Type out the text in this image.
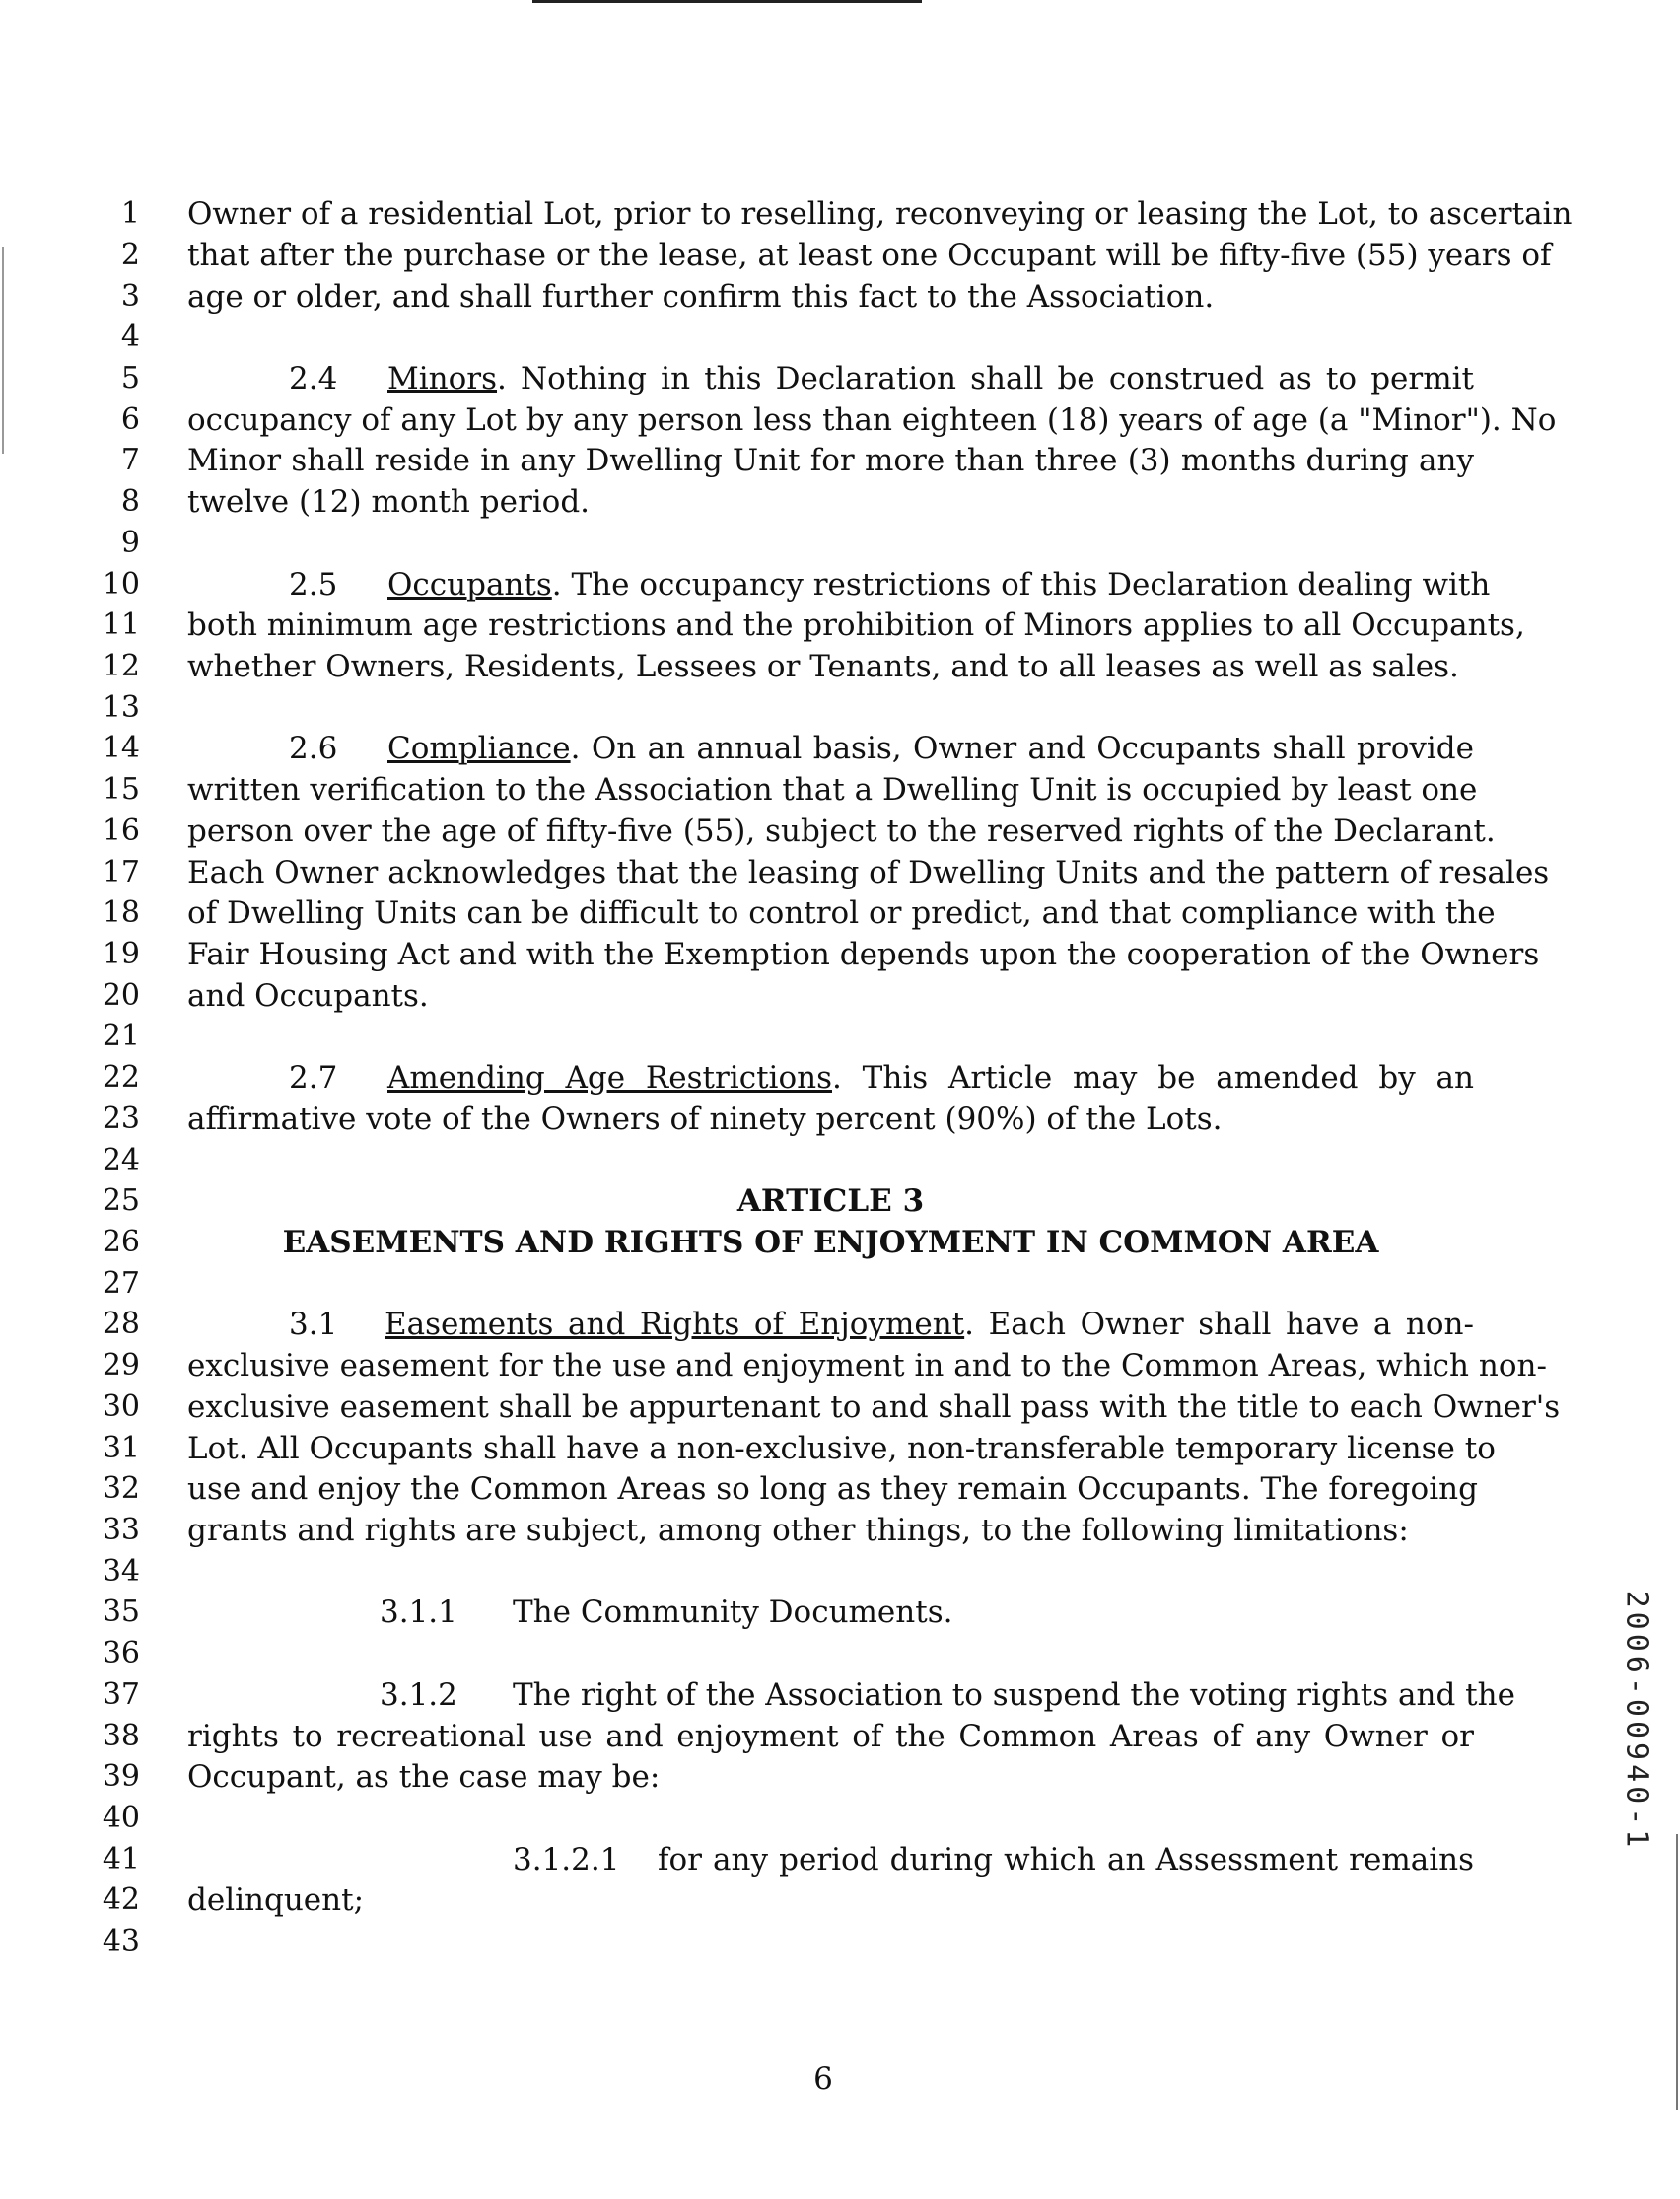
1
2
3
4
5
6
7
8
9
10
11
12
13
14
15
16
17
18
19
20
21
22
23
24
25
26
27
28
29
30
31
32
33
34
35
36
37
38
39
40
41
42
43
Owner of a residential Lot, prior to reselling, reconveying or leasing the Lot, to ascertain
that after the purchase or the lease, at least one Occupant will be fifty-five (55) years of
age or older, and shall further confirm this fact to the Association.
2.4 Minors. Nothing in this Declaration shall be construed as to permit
occupancy of any Lot by any person less than eighteen (18) years of age (a "Minor"). No
Minor shall reside in any Dwelling Unit for more than three (3) months during any
twelve (12) month period.
2.5 Occupants. The occupancy restrictions of this Declaration dealing with
both minimum age restrictions and the prohibition of Minors applies to all Occupants,
whether Owners, Residents, Lessees or Tenants, and to all leases as well as sales.
2.6 Compliance. On an annual basis, Owner and Occupants shall provide
written verification to the Association that a Dwelling Unit is occupied by least one
person over the age of fifty-five (55), subject to the reserved rights of the Declarant.
Each Owner acknowledges that the leasing of Dwelling Units and the pattern of resales
of Dwelling Units can be difficult to control or predict, and that compliance with the
Fair Housing Act and with the Exemption depends upon the cooperation of the Owners
and Occupants.
2.7 Amending Age Restrictions. This Article may be amended by an
affirmative vote of the Owners of ninety percent (90%) of the Lots.
ARTICLE 3
EASEMENTS AND RIGHTS OF ENJOYMENT IN COMMON AREA
3.1 Easements and Rights of Enjoyment. Each Owner shall have a non-
exclusive easement for the use and enjoyment in and to the Common Areas, which non-
exclusive easement shall be appurtenant to and shall pass with the title to each Owner's
Lot. All Occupants shall have a non-exclusive, non-transferable temporary license to
use and enjoy the Common Areas so long as they remain Occupants. The foregoing
grants and rights are subject, among other things, to the following limitations:
3.1.1 The Community Documents.
3.1.2 The right of the Association to suspend the voting rights and the
rights to recreational use and enjoyment of the Common Areas of any Owner or
Occupant, as the case may be:
3.1.2.1 for any period during which an Assessment remains
delinquent;
6
2006-00940-1
